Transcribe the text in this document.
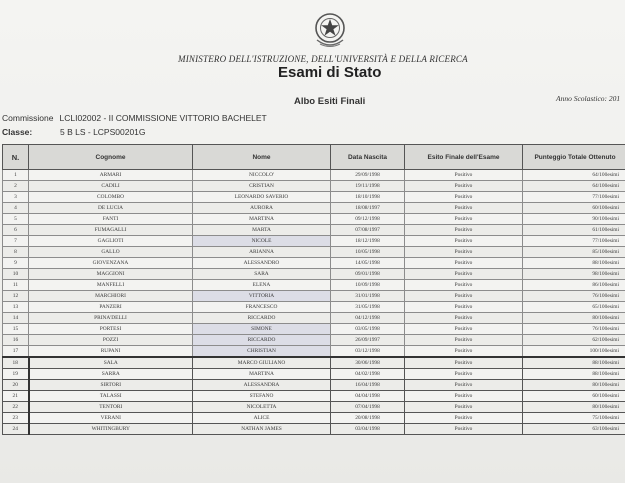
MINISTERO DELL'ISTRUZIONE, DELL'UNIVERSITÀ E DELLA RICERCA
Esami di Stato
Albo Esiti Finali	Anno Scolastico: 201
Commissione LCLI02002 - II COMMISSIONE VITTORIO BACHELET
Classe:	5 B LS - LCPS00201G
N.	Cognome	Nome	Data Nascita	Esito Finale dell'Esame	Punteggio Totale Ottenuto
1	ARMARI	NICCOLO'	29/09/1998	Positivo	64/100esimi
2	CADILI	CRISTIAN	19/11/1998	Positivo	64/100esimi
3	COLOMBO	LEONARDO SAVERIO	18/10/1998	Positivo	77/100esimi
4	DE LUCIA	AURORA	18/08/1997	Positivo	60/100esimi
5	FANTI	MARTINA	09/12/1998	Positivo	90/100esimi
6	FUMAGALLI	MARTA	07/08/1997	Positivo	61/100esimi
7	GAGLIOTI	NICOLE	18/12/1998	Positivo	77/100esimi
8	GALLO	ARIANNA	10/05/1998	Positivo	85/100esimi
9	GIOVENZANA	ALESSANDRO	14/05/1998	Positivo	88/100esimi
10	MAGGIONI	SARA	09/01/1998	Positivo	98/100esimi
11	MANFELLI	ELENA	10/09/1998	Positivo	86/100esimi
12	MARCHIORI	VITTORIA	31/01/1998	Positivo	76/100esimi
13	PANZERI	FRANCESCO	31/05/1998	Positivo	65/100esimi
14	PRINA'DELLI	RICCARDO	04/12/1998	Positivo	80/100esimi
15	PORTESI	SIMONE	03/05/1998	Positivo	76/100esimi
16	POZZI	RICCARDO	26/09/1997	Positivo	62/100esimi
17	RUPANI	CHRISTIAN	03/12/1998	Positivo	100/100esimi
18	SALA	MARCO GIULIANO	30/06/1998	Positivo	88/100esimi
19	SARRA	MARTINA	04/02/1998	Positivo	88/100esimi
20	SIRTORI	ALESSANDRA	16/04/1998	Positivo	80/100esimi
21	TALASSI	STEFANO	04/04/1998	Positivo	60/100esimi
22	TENTORI	NICOLETTA	07/04/1998	Positivo	80/100esimi
23	VERANI	ALICE	20/08/1998	Positivo	75/100esimi
24	WHITINGBURY	NATHAN JAMES	03/04/1998	Positivo	63/100esimi
